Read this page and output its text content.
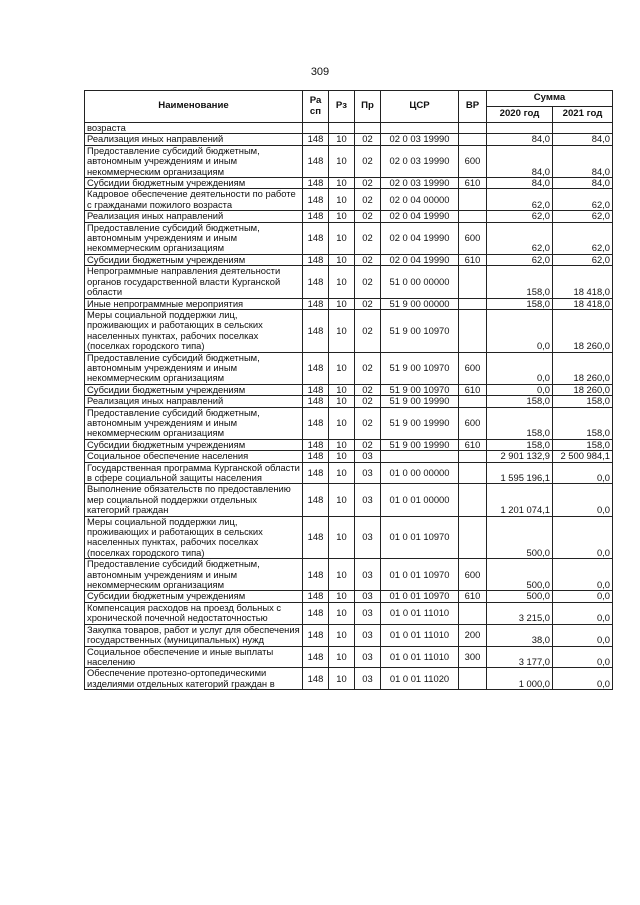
309
Наименование	Ра сп	Рз	Пр	ЦСР	ВР	Сумма	
						2020 год	2021 год
возраста							
Реализация иных направлений	148	10	02	02 0 03 19990		84,0	84,0
Предоставление субсидий бюджетным, автономным учреждениям и иным некоммерческим организациям	148	10	02	02 0 03 19990	600	84,0	84,0
Субсидии бюджетным учреждениям	148	10	02	02 0 03 19990	610	84,0	84,0
Кадровое обеспечение деятельности по работе с гражданами пожилого возраста	148	10	02	02 0 04 00000		62,0	62,0
Реализация иных направлений	148	10	02	02 0 04 19990		62,0	62,0
Предоставление субсидий бюджетным, автономным учреждениям и иным некоммерческим организациям	148	10	02	02 0 04 19990	600	62,0	62,0
Субсидии бюджетным учреждениям	148	10	02	02 0 04 19990	610	62,0	62,0
Непрограммные направления деятельности органов государственной власти Курганской области	148	10	02	51 0 00 00000		158,0	18 418,0
Иные непрограммные мероприятия	148	10	02	51 9 00 00000		158,0	18 418,0
Меры социальной поддержки лиц, проживающих и работающих в сельских населенных пунктах, рабочих поселках (поселках городского типа)	148	10	02	51 9 00 10970		0,0	18 260,0
Предоставление субсидий бюджетным, автономным учреждениям и иным некоммерческим организациям	148	10	02	51 9 00 10970	600	0,0	18 260,0
Субсидии бюджетным учреждениям	148	10	02	51 9 00 10970	610	0,0	18 260,0
Реализация иных направлений	148	10	02	51 9 00 19990		158,0	158,0
Предоставление субсидий бюджетным, автономным учреждениям и иным некоммерческим организациям	148	10	02	51 9 00 19990	600	158,0	158,0
Субсидии бюджетным учреждениям	148	10	02	51 9 00 19990	610	158,0	158,0
Социальное обеспечение населения	148	10	03			2 901 132,9	2 500 984,1
Государственная программа Курганской области в сфере социальной защиты населения	148	10	03	01 0 00 00000		1 595 196,1	0,0
Выполнение обязательств по предоставлению мер социальной поддержки отдельных категорий граждан	148	10	03	01 0 01 00000		1 201 074,1	0,0
Меры социальной поддержки лиц, проживающих и работающих в сельских населенных пунктах, рабочих поселках (поселках городского типа)	148	10	03	01 0 01 10970		500,0	0,0
Предоставление субсидий бюджетным, автономным учреждениям и иным некоммерческим организациям	148	10	03	01 0 01 10970	600	500,0	0,0
Субсидии бюджетным учреждениям	148	10	03	01 0 01 10970	610	500,0	0,0
Компенсация расходов на проезд больных с хронической почечной недостаточностью	148	10	03	01 0 01 11010		3 215,0	0,0
Закупка товаров, работ и услуг для обеспечения государственных (муниципальных) нужд	148	10	03	01 0 01 11010	200	38,0	0,0
Социальное обеспечение и иные выплаты населению	148	10	03	01 0 01 11010	300	3 177,0	0,0
Обеспечение протезно-ортопедическими изделиями отдельных категорий граждан в	148	10	03	01 0 01 11020		1 000,0	0,0
